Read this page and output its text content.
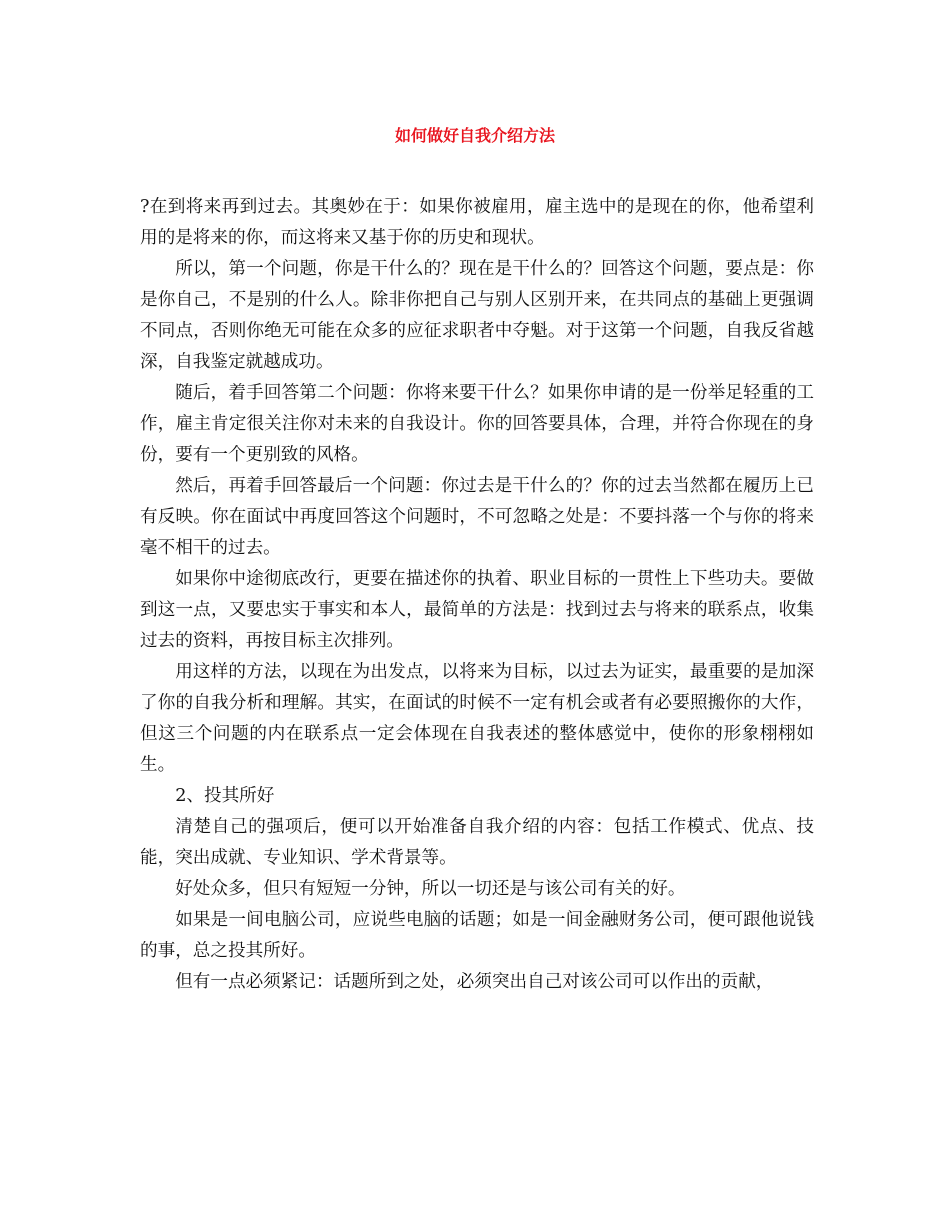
如何做好自我介绍方法

?在到将来再到过去。其奥妙在于：如果你被雇用，雇主选中的是现在的你，他希望利用的是将来的你，而这将来又基于你的历史和现状。

所以，第一个问题，你是干什么的？现在是干什么的？回答这个问题，要点是：你是你自己，不是别的什么人。除非你把自己与别人区别开来，在共同点的基础上更强调不同点，否则你绝无可能在众多的应征求职者中夺魁。对于这第一个问题，自我反省越深，自我鉴定就越成功。

随后，着手回答第二个问题：你将来要干什么？如果你申请的是一份举足轻重的工作，雇主肯定很关注你对未来的自我设计。你的回答要具体，合理，并符合你现在的身份，要有一个更别致的风格。

然后，再着手回答最后一个问题：你过去是干什么的？你的过去当然都在履历上已有反映。你在面试中再度回答这个问题时，不可忽略之处是：不要抖落一个与你的将来毫不相干的过去。

如果你中途彻底改行，更要在描述你的执着、职业目标的一贯性上下些功夫。要做到这一点，又要忠实于事实和本人，最简单的方法是：找到过去与将来的联系点，收集过去的资料，再按目标主次排列。

用这样的方法，以现在为出发点，以将来为目标，以过去为证实，最重要的是加深了你的自我分析和理解。其实，在面试的时候不一定有机会或者有必要照搬你的大作，但这三个问题的内在联系点一定会体现在自我表述的整体感觉中，使你的形象栩栩如生。

2、投其所好

清楚自己的强项后，便可以开始准备自我介绍的内容：包括工作模式、优点、技能，突出成就、专业知识、学术背景等。

好处众多，但只有短短一分钟，所以一切还是与该公司有关的好。

如果是一间电脑公司，应说些电脑的话题；如是一间金融财务公司，便可跟他说钱的事，总之投其所好。

但有一点必须紧记：话题所到之处，必须突出自己对该公司可以作出的贡献，
